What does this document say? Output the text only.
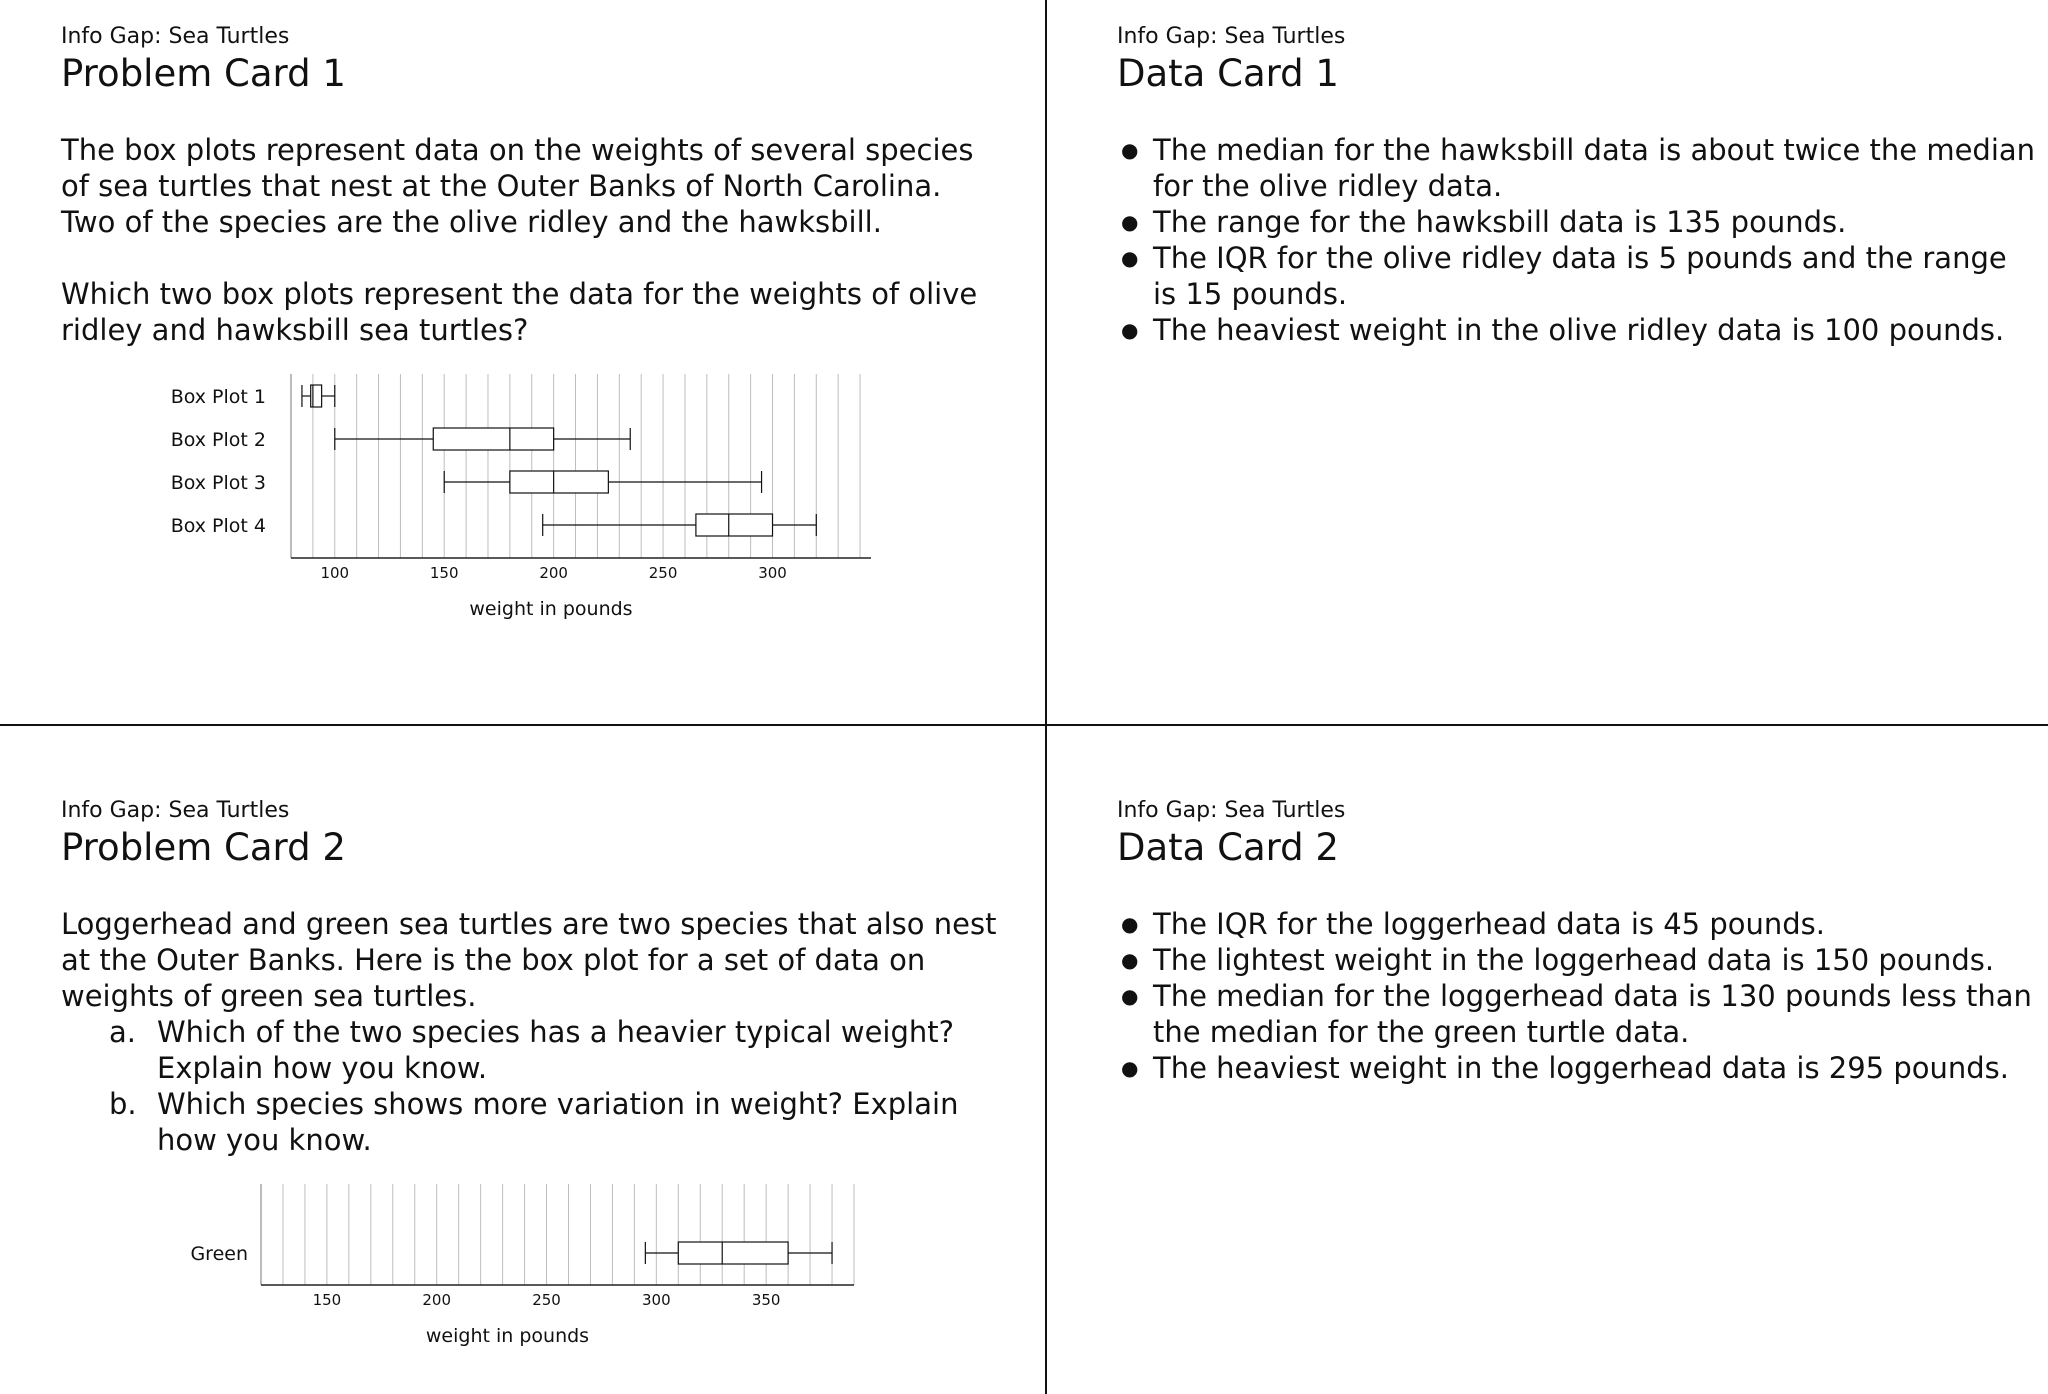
Info Gap: Sea Turtles
Problem Card 1

The box plots represent data on the weights of several species of sea turtles that nest at the Outer Banks of North Carolina. Two of the species are the olive ridley and the hawksbill.

Which two box plots represent the data for the weights of olive ridley and hawksbill sea turtles?

Box Plot 1
Box Plot 2
Box Plot 3
Box Plot 4
100	150	200	250	300
weight in pounds
Info Gap: Sea Turtles
Data Card 1
● The median for the hawksbill data is about twice the median for the olive ridley data.
● The range for the hawksbill data is 135 pounds.
● The IQR for the olive ridley data is 5 pounds and the range is 15 pounds.
● The heaviest weight in the olive ridley data is 100 pounds.
Info Gap: Sea Turtles
Problem Card 2

Loggerhead and green sea turtles are two species that also nest at the Outer Banks. Here is the box plot for a set of data on weights of green sea turtles.

a. Which of the two species has a heavier typical weight? Explain how you know.
b. Which species shows more variation in weight? Explain how you know.
Green
150	200	250	300	350
weight in pounds
Info Gap: Sea Turtles
Data Card 2
● The IQR for the loggerhead data is 45 pounds.
● The lightest weight in the loggerhead data is 150 pounds.
● The median for the loggerhead data is 130 pounds less than the median for the green turtle data.
● The heaviest weight in the loggerhead data is 295 pounds.
